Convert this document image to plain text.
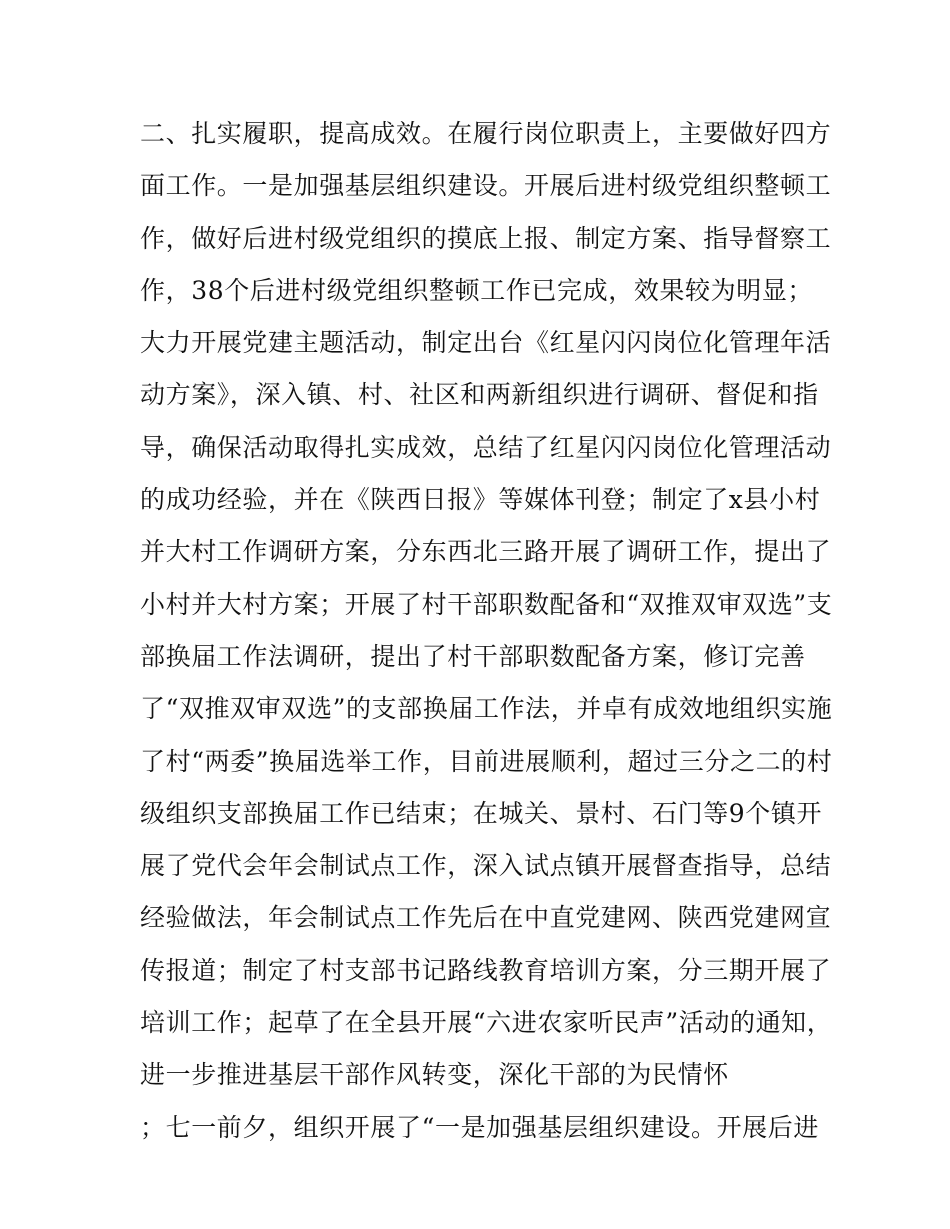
二、扎实履职，提高成效。在履行岗位职责上，主要做好四方
面工作。一是加强基层组织建设。开展后进村级党组织整顿工
作，做好后进村级党组织的摸底上报、制定方案、指导督察工
作，38个后进村级党组织整顿工作已完成，效果较为明显；
大力开展党建主题活动，制定出台《红星闪闪岗位化管理年活
动方案》，深入镇、村、社区和两新组织进行调研、督促和指
导，确保活动取得扎实成效，总结了红星闪闪岗位化管理活动
的成功经验，并在《陕西日报》等媒体刊登；制定了x县小村
并大村工作调研方案，分东西北三路开展了调研工作，提出了
小村并大村方案；开展了村干部职数配备和“双推双审双选”支
部换届工作法调研，提出了村干部职数配备方案，修订完善
了“双推双审双选”的支部换届工作法，并卓有成效地组织实施
了村“两委”换届选举工作，目前进展顺利，超过三分之二的村
级组织支部换届工作已结束；在城关、景村、石门等9个镇开
展了党代会年会制试点工作，深入试点镇开展督查指导，总结
经验做法，年会制试点工作先后在中直党建网、陕西党建网宣
传报道；制定了村支部书记路线教育培训方案，分三期开展了
培训工作；起草了在全县开展“六进农家听民声”活动的通知，
进一步推进基层干部作风转变，深化干部的为民情怀
；七一前夕，组织开展了“一是加强基层组织建设。开展后进
